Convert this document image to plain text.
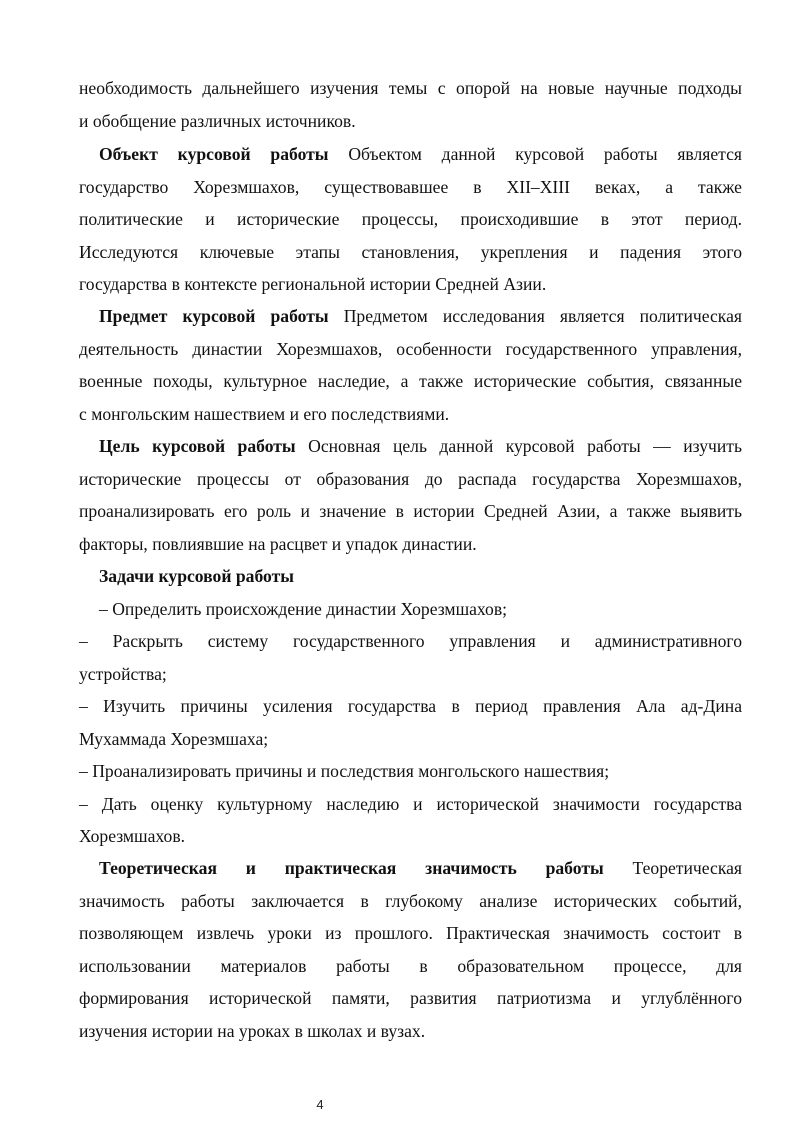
необходимость дальнейшего изучения темы с опорой на новые научные подходы
и обобщение различных источников.
Объект курсовой работы Объектом данной курсовой работы является
государство Хорезмшахов, существовавшее в XII–XIII веках, а также
политические и исторические процессы, происходившие в этот период.
Исследуются ключевые этапы становления, укрепления и падения этого
государства в контексте региональной истории Средней Азии.
Предмет курсовой работы Предметом исследования является политическая
деятельность династии Хорезмшахов, особенности государственного управления,
военные походы, культурное наследие, а также исторические события, связанные
с монгольским нашествием и его последствиями.
Цель курсовой работы Основная цель данной курсовой работы — изучить
исторические процессы от образования до распада государства Хорезмшахов,
проанализировать его роль и значение в истории Средней Азии, а также выявить
факторы, повлиявшие на расцвет и упадок династии.
Задачи курсовой работы
– Определить происхождение династии Хорезмшахов;
– Раскрыть системy государственного управления и административного
устройства;
– Изучить причины усиления государства в период правления Ала ад-Дина
Мухаммада Хорезмшаха;
– Проанализировать причины и последствия монгольского нашествия;
– Дать оценку культурному наследию и исторической значимости государства
Хорезмшахов.
Теоретическая и практическая значимость работы Теоретическая
значимость работы заключается в глубокому анализе исторических событий,
позволяющем извлечь уроки из прошлого. Практическая значимость состоит в
использовании материалов работы в образовательном процессе, для
формирования исторической памяти, развития патриотизма и углублённого
изучения истории на уроках в школах и вузах.
4
